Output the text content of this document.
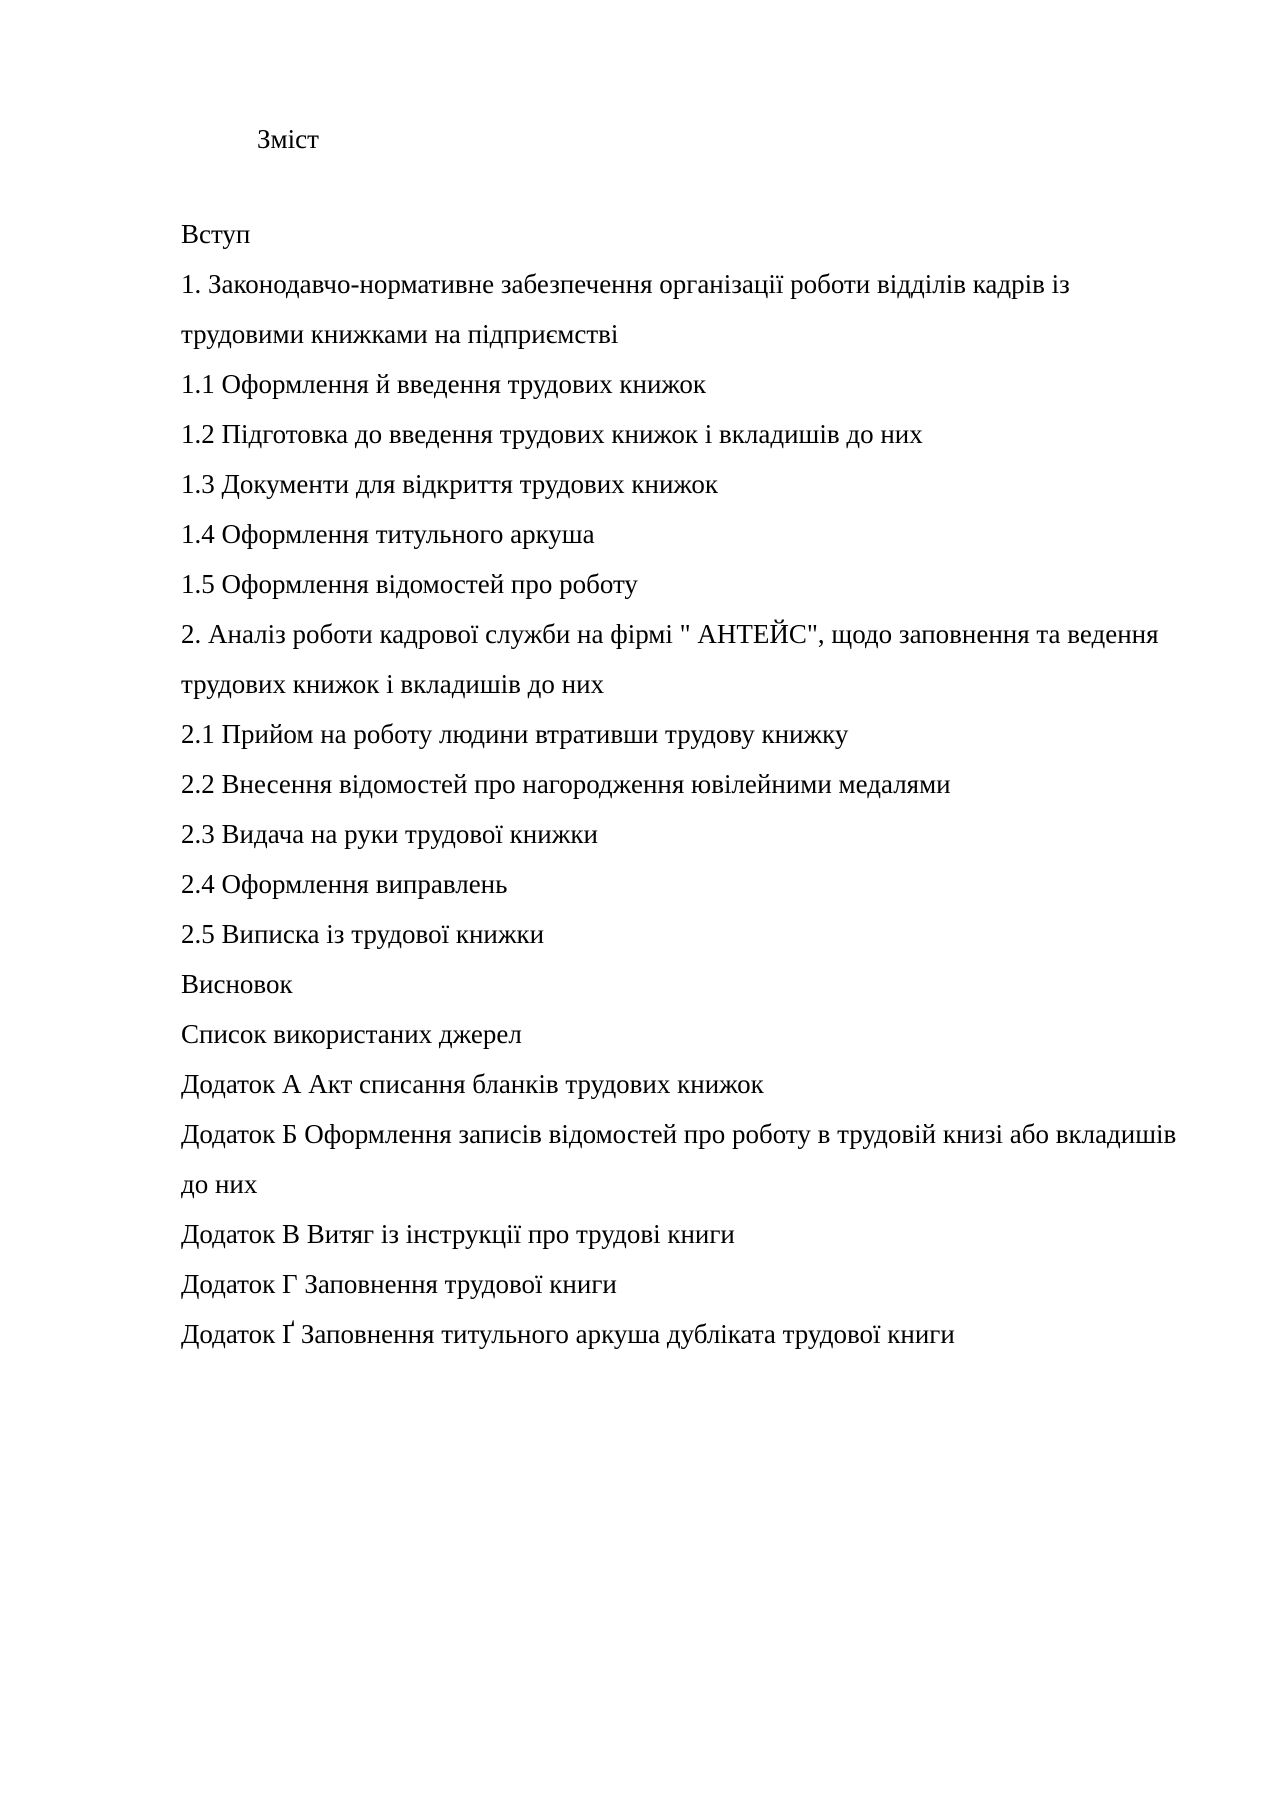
Зміст
Вступ
1. Законодавчо-нормативне забезпечення організації роботи відділів кадрів із трудовими книжками на підприємстві
1.1 Оформлення й введення трудових книжок
1.2 Підготовка до введення трудових книжок і вкладишів до них
1.3 Документи для відкриття трудових книжок
1.4 Оформлення титульного аркуша
1.5 Оформлення відомостей про роботу
2. Аналіз роботи кадрової служби на фірмі " АНТЕЙС", щодо заповнення та ведення трудових книжок і вкладишів до них
2.1 Прийом на роботу людини втративши трудову книжку
2.2 Внесення відомостей про нагородження ювілейними медалями
2.3 Видача на руки трудової книжки
2.4 Оформлення виправлень
2.5 Виписка із трудової книжки
Висновок
Список використаних джерел
Додаток А Акт списання бланків трудових книжок
Додаток Б Оформлення записів відомостей про роботу в трудовій книзі або вкладишів до них
Додаток В Витяг із інструкції про трудові книги
Додаток Г Заповнення трудової книги
Додаток Ґ Заповнення титульного аркуша дубліката трудової книги
